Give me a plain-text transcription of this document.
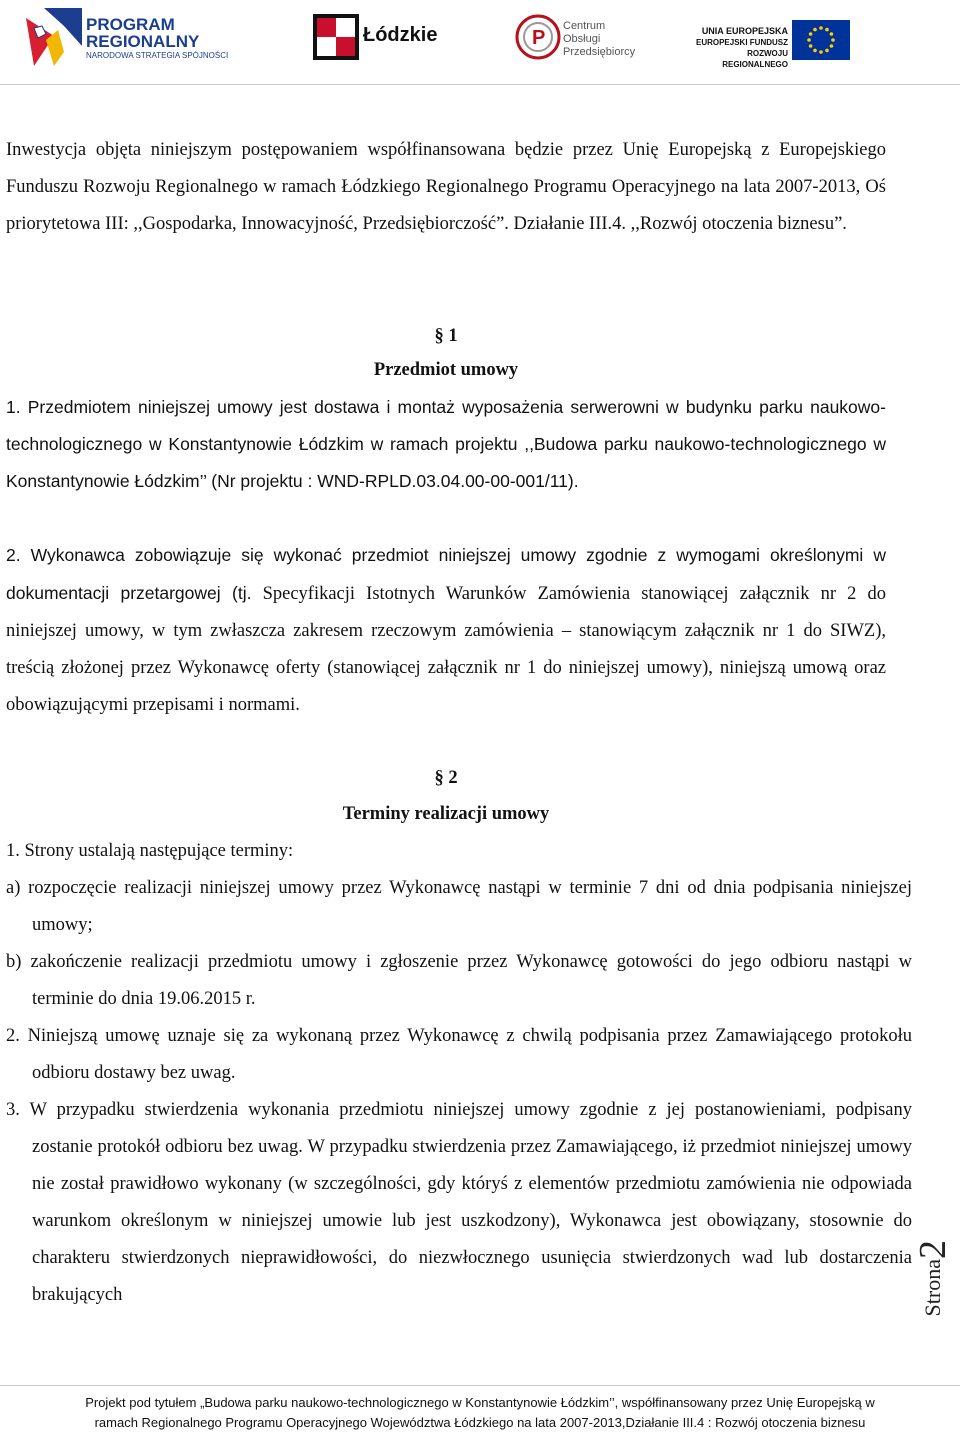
PROGRAM
REGIONALNY
NARODOWA STRATEGIA SPÓJNOŚCI
Łódzkie	P
Centrum
Obsługi
Przedsiębiorcy
UNIA EUROPEJSKA
EUROPEJSKI FUNDUSZ
ROZWOJU REGIONALNEGO
Inwestycja objęta niniejszym postępowaniem współfinansowana będzie przez Unię Europejską z Europejskiego Funduszu Rozwoju Regionalnego w ramach Łódzkiego Regionalnego Programu Operacyjnego na lata 2007-2013, Oś priorytetowa III: ,,Gospodarka, Innowacyjność, Przedsiębiorczość”. Działanie III.4. ,,Rozwój otoczenia biznesu”.
§ 1
Przedmiot umowy
1. Przedmiotem niniejszej umowy jest dostawa i montaż wyposażenia serwerowni w budynku parku naukowo-technologicznego w Konstantynowie Łódzkim w ramach projektu ,,Budowa parku naukowo-technologicznego w Konstantynowie Łódzkim’’ (Nr projektu : WND-RPLD.03.04.00-00-001/11).
2. Wykonawca zobowiązuje się wykonać przedmiot niniejszej umowy zgodnie z wymogami określonymi w dokumentacji przetargowej (tj. Specyfikacji Istotnych Warunków Zamówienia stanowiącej załącznik nr 2 do niniejszej umowy, w tym zwłaszcza zakresem rzeczowym zamówienia – stanowiącym załącznik nr 1 do SIWZ), treścią złożonej przez Wykonawcę oferty (stanowiącej załącznik nr 1 do niniejszej umowy), niniejszą umową oraz obowiązującymi przepisami i normami.
§ 2
Terminy realizacji umowy
1. Strony ustalają następujące terminy:
a) rozpoczęcie realizacji niniejszej umowy przez Wykonawcę nastąpi w terminie 7 dni od dnia podpisania niniejszej umowy;
b) zakończenie realizacji przedmiotu umowy i zgłoszenie przez Wykonawcę gotowości do jego odbioru nastąpi w terminie do dnia 19.06.2015 r.
2. Niniejszą umowę uznaje się za wykonaną przez Wykonawcę z chwilą podpisania przez Zamawiającego protokołu odbioru dostawy bez uwag.
3. W przypadku stwierdzenia wykonania przedmiotu niniejszej umowy zgodnie z jej postanowieniami, podpisany zostanie protokół odbioru bez uwag. W przypadku stwierdzenia przez Zamawiającego, iż przedmiot niniejszej umowy nie został prawidłowo wykonany (w szczególności, gdy któryś z elementów przedmiotu zamówienia nie odpowiada warunkom określonym w niniejszej umowie lub jest uszkodzony), Wykonawca jest obowiązany, stosownie do charakteru stwierdzonych nieprawidłowości, do niezwłocznego usunięcia stwierdzonych wad lub dostarczenia brakujących	Strona2
Projekt pod tytułem „Budowa parku naukowo-technologicznego w Konstantynowie Łódzkim’’, współfinansowany przez Unię Europejską w
ramach Regionalnego Programu Operacyjnego Województwa Łódzkiego na lata 2007-2013,Działanie III.4 : Rozwój otoczenia biznesu
